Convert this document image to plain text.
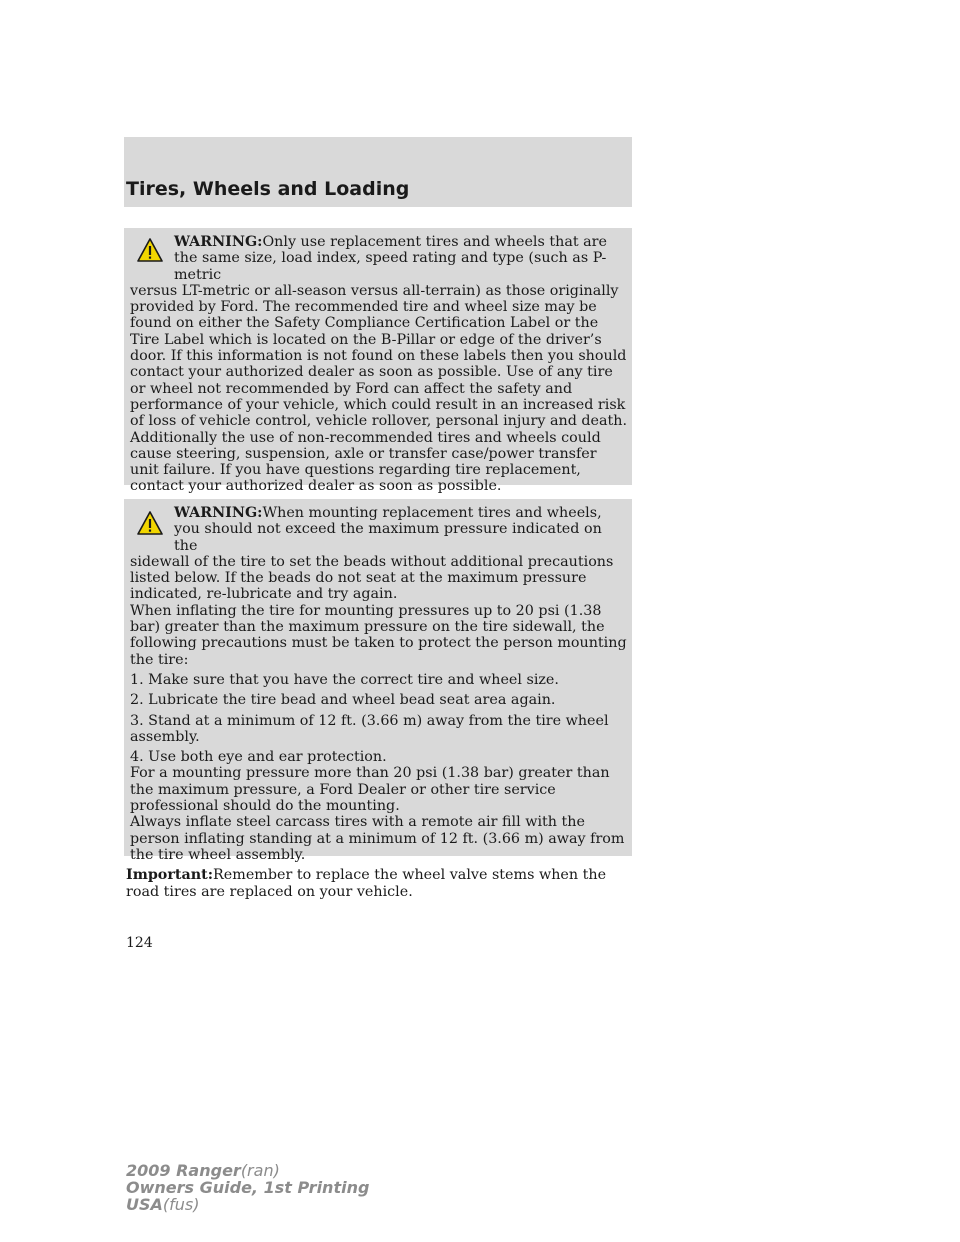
Tires, Wheels and Loading

WARNING:Only use replacement tires and wheels that are the same size, load index, speed rating and type (such as P-metric

versus LT-metric or all-season versus all-terrain) as those originally provided by Ford. The recommended tire and wheel size may be found on either the Safety Compliance Certification Label or the Tire Label which is located on the B-Pillar or edge of the driver’s door. If this information is not found on these labels then you should contact your authorized dealer as soon as possible. Use of any tire or wheel not recommended by Ford can affect the safety and performance of your vehicle, which could result in an increased risk of loss of vehicle control, vehicle rollover, personal injury and death. Additionally the use of non-recommended tires and wheels could cause steering, suspension, axle or transfer case/power transfer unit failure. If you have questions regarding tire replacement, contact your authorized dealer as soon as possible.

WARNING:When mounting replacement tires and wheels, you should not exceed the maximum pressure indicated on the

sidewall of the tire to set the beads without additional precautions listed below. If the beads do not seat at the maximum pressure indicated, re-lubricate and try again.

When inflating the tire for mounting pressures up to 20 psi (1.38 bar) greater than the maximum pressure on the tire sidewall, the following precautions must be taken to protect the person mounting the tire:

1. Make sure that you have the correct tire and wheel size.

2. Lubricate the tire bead and wheel bead seat area again.

3. Stand at a minimum of 12 ft. (3.66 m) away from the tire wheel assembly.

4. Use both eye and ear protection.

For a mounting pressure more than 20 psi (1.38 bar) greater than the maximum pressure, a Ford Dealer or other tire service professional should do the mounting.

Always inflate steel carcass tires with a remote air fill with the person inflating standing at a minimum of 12 ft. (3.66 m) away from the tire wheel assembly.

Important:Remember to replace the wheel valve stems when the road tires are replaced on your vehicle.

124
2009 Ranger(ran)
Owners Guide, 1st Printing
USA(fus)
